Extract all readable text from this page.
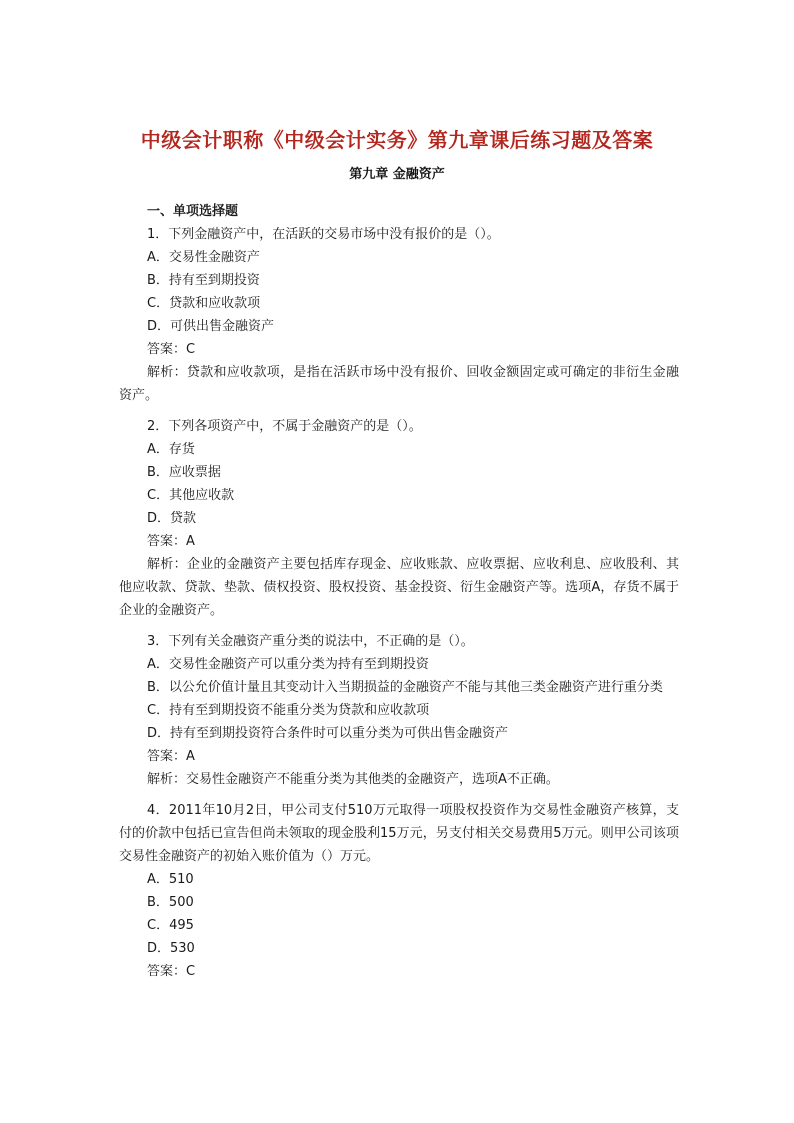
中级会计职称《中级会计实务》第九章课后练习题及答案
第九章 金融资产
一、单项选择题
1．下列金融资产中，在活跃的交易市场中没有报价的是（）。
A．交易性金融资产
B．持有至到期投资
C．贷款和应收款项
D．可供出售金融资产
答案：C
解析：贷款和应收款项，是指在活跃市场中没有报价、回收金额固定或可确定的非衍生金融资产。
2．下列各项资产中，不属于金融资产的是（）。
A．存货
B．应收票据
C．其他应收款
D．贷款
答案：A
解析：企业的金融资产主要包括库存现金、应收账款、应收票据、应收利息、应收股利、其他应收款、贷款、垫款、债权投资、股权投资、基金投资、衍生金融资产等。选项A，存货不属于企业的金融资产。
3．下列有关金融资产重分类的说法中，不正确的是（）。
A．交易性金融资产可以重分类为持有至到期投资
B．以公允价值计量且其变动计入当期损益的金融资产不能与其他三类金融资产进行重分类
C．持有至到期投资不能重分类为贷款和应收款项
D．持有至到期投资符合条件时可以重分类为可供出售金融资产
答案：A
解析：交易性金融资产不能重分类为其他类的金融资产，选项A不正确。
4．2011年10月2日，甲公司支付510万元取得一项股权投资作为交易性金融资产核算，支付的价款中包括已宣告但尚未领取的现金股利15万元，另支付相关交易费用5万元。则甲公司该项交易性金融资产的初始入账价值为（）万元。
A．510
B．500
C．495
D．530
答案：C
